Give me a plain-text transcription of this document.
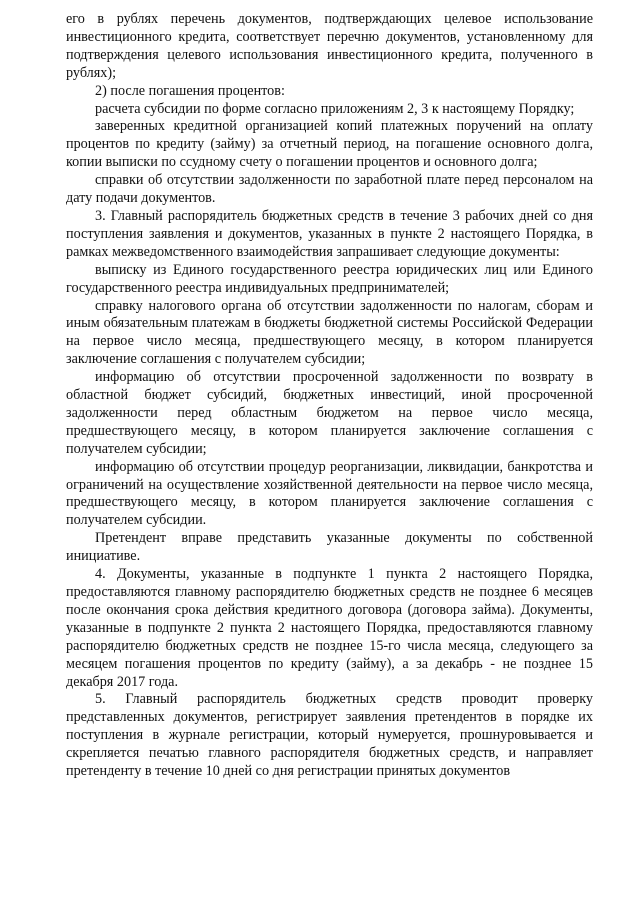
его в рублях перечень документов, подтверждающих целевое использование инвестиционного кредита, соответствует перечню документов, установленному для подтверждения целевого использования инвестиционного кредита, полученного в рублях);

2) после погашения процентов:

расчета субсидии по форме согласно приложениям 2, 3 к настоящему Порядку;

заверенных кредитной организацией копий платежных поручений на оплату процентов по кредиту (займу) за отчетный период, на погашение основного долга, копии выписки по ссудному счету о погашении процентов и основного долга;

справки об отсутствии задолженности по заработной плате перед персоналом на дату подачи документов.

3. Главный распорядитель бюджетных средств в течение 3 рабочих дней со дня поступления заявления и документов, указанных в пункте 2 настоящего Порядка, в рамках межведомственного взаимодействия запрашивает следующие документы:

выписку из Единого государственного реестра юридических лиц или Единого государственного реестра индивидуальных предпринимателей;

справку налогового органа об отсутствии задолженности по налогам, сборам и иным обязательным платежам в бюджеты бюджетной системы Российской Федерации на первое число месяца, предшествующего месяцу, в котором планируется заключение соглашения с получателем субсидии;

информацию об отсутствии просроченной задолженности по возврату в областной бюджет субсидий, бюджетных инвестиций, иной просроченной задолженности перед областным бюджетом на первое число месяца, предшествующего месяцу, в котором планируется заключение соглашения с получателем субсидии;

информацию об отсутствии процедур реорганизации, ликвидации, банкротства и ограничений на осуществление хозяйственной деятельности на первое число месяца, предшествующего месяцу, в котором планируется заключение соглашения с получателем субсидии.

Претендент вправе представить указанные документы по собственной инициативе.

4. Документы, указанные в подпункте 1 пункта 2 настоящего Порядка, предоставляются главному распорядителю бюджетных средств не позднее 6 месяцев после окончания срока действия кредитного договора (договора займа). Документы, указанные в подпункте 2 пункта 2 настоящего Порядка, предоставляются главному распорядителю бюджетных средств не позднее 15-го числа месяца, следующего за месяцем погашения процентов по кредиту (займу), а за декабрь - не позднее 15 декабря 2017 года.

5. Главный распорядитель бюджетных средств проводит проверку представленных документов, регистрирует заявления претендентов в порядке их поступления в журнале регистрации, который нумеруется, прошнуровывается и скрепляется печатью главного распорядителя бюджетных средств, и направляет претенденту в течение 10 дней со дня регистрации принятых документов
